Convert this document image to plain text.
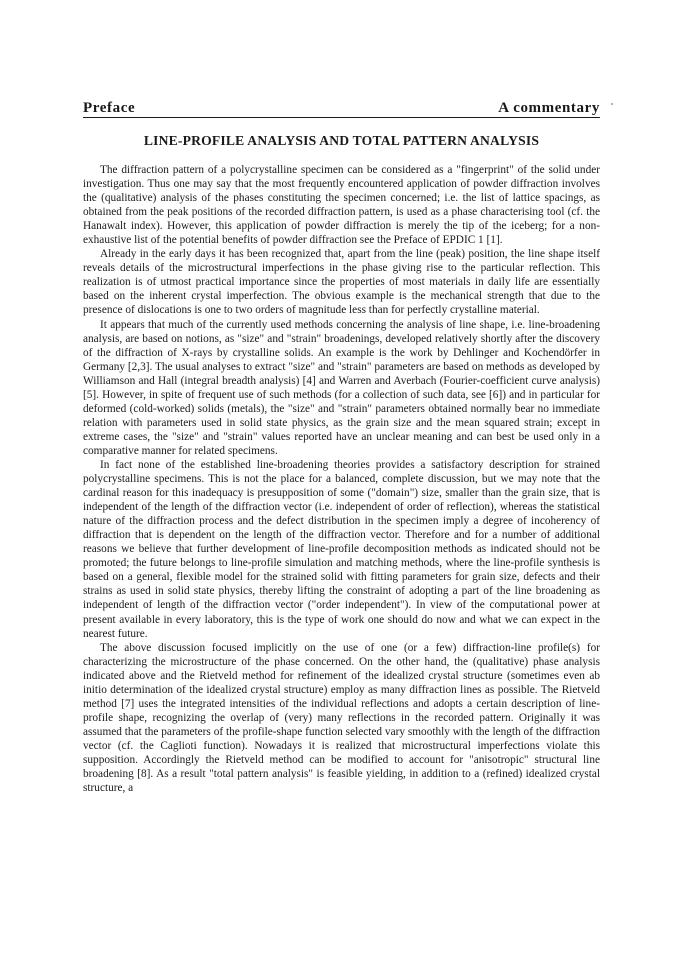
Preface	A commentary
LINE-PROFILE ANALYSIS AND TOTAL PATTERN ANALYSIS

The diffraction pattern of a polycrystalline specimen can be considered as a "fingerprint" of the solid under investigation. Thus one may say that the most frequently encountered application of powder diffraction involves the (qualitative) analysis of the phases constituting the specimen concerned; i.e. the list of lattice spacings, as obtained from the peak positions of the recorded diffraction pattern, is used as a phase characterising tool (cf. the Hanawalt index). However, this application of powder diffraction is merely the tip of the iceberg; for a non-exhaustive list of the potential benefits of powder diffraction see the Preface of EPDIC 1 [1].

Already in the early days it has been recognized that, apart from the line (peak) position, the line shape itself reveals details of the microstructural imperfections in the phase giving rise to the particular reflection. This realization is of utmost practical importance since the properties of most materials in daily life are essentially based on the inherent crystal imperfection. The obvious example is the mechanical strength that due to the presence of dislocations is one to two orders of magnitude less than for perfectly crystalline material.

It appears that much of the currently used methods concerning the analysis of line shape, i.e. line-broadening analysis, are based on notions, as "size" and "strain" broadenings, developed relatively shortly after the discovery of the diffraction of X-rays by crystalline solids. An example is the work by Dehlinger and Kochendörfer in Germany [2,3]. The usual analyses to extract "size" and "strain" parameters are based on methods as developed by Williamson and Hall (integral breadth analysis) [4] and Warren and Averbach (Fourier-coefficient curve analysis) [5]. However, in spite of frequent use of such methods (for a collection of such data, see [6]) and in particular for deformed (cold-worked) solids (metals), the "size" and "strain" parameters obtained normally bear no immediate relation with parameters used in solid state physics, as the grain size and the mean squared strain; except in extreme cases, the "size" and "strain" values reported have an unclear meaning and can best be used only in a comparative manner for related specimens.

In fact none of the established line-broadening theories provides a satisfactory description for strained polycrystalline specimens. This is not the place for a balanced, complete discussion, but we may note that the cardinal reason for this inadequacy is presupposition of some ("domain") size, smaller than the grain size, that is independent of the length of the diffraction vector (i.e. independent of order of reflection), whereas the statistical nature of the diffraction process and the defect distribution in the specimen imply a degree of incoherency of diffraction that is dependent on the length of the diffraction vector. Therefore and for a number of additional reasons we believe that further development of line-profile decomposition methods as indicated should not be promoted; the future belongs to line-profile simulation and matching methods, where the line-profile synthesis is based on a general, flexible model for the strained solid with fitting parameters for grain size, defects and their strains as used in solid state physics, thereby lifting the constraint of adopting a part of the line broadening as independent of length of the diffraction vector ("order independent"). In view of the computational power at present available in every laboratory, this is the type of work one should do now and what we can expect in the nearest future.

The above discussion focused implicitly on the use of one (or a few) diffraction-line profile(s) for characterizing the microstructure of the phase concerned. On the other hand, the (qualitative) phase analysis indicated above and the Rietveld method for refinement of the idealized crystal structure (sometimes even ab initio determination of the idealized crystal structure) employ as many diffraction lines as possible. The Rietveld method [7] uses the integrated intensities of the individual reflections and adopts a certain description of line-profile shape, recognizing the overlap of (very) many reflections in the recorded pattern. Originally it was assumed that the parameters of the profile-shape function selected vary smoothly with the length of the diffraction vector (cf. the Caglioti function). Nowadays it is realized that microstructural imperfections violate this supposition. Accordingly the Rietveld method can be modified to account for "anisotropic" structural line broadening [8]. As a result "total pattern analysis" is feasible yielding, in addition to a (refined) idealized crystal structure, a
